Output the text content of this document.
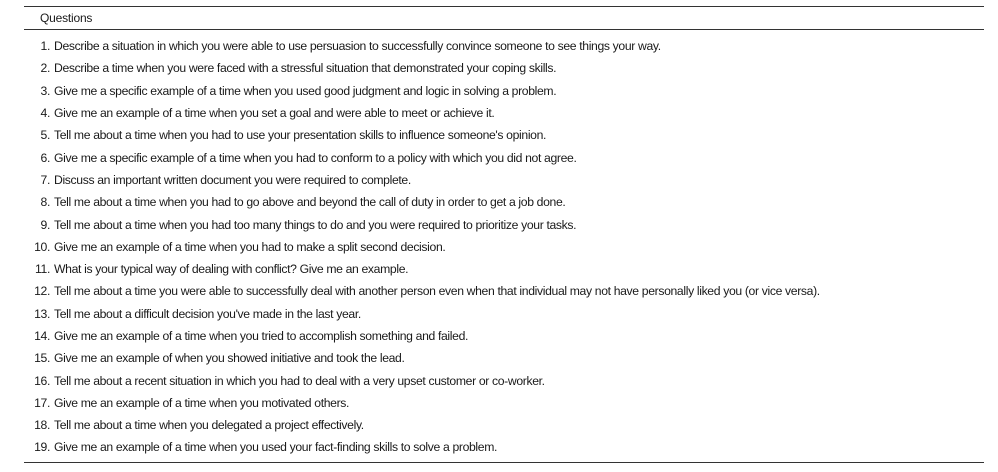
Questions
1. Describe a situation in which you were able to use persuasion to successfully convince someone to see things your way.
2. Describe a time when you were faced with a stressful situation that demonstrated your coping skills.
3. Give me a specific example of a time when you used good judgment and logic in solving a problem.
4. Give me an example of a time when you set a goal and were able to meet or achieve it.
5. Tell me about a time when you had to use your presentation skills to influence someone's opinion.
6. Give me a specific example of a time when you had to conform to a policy with which you did not agree.
7. Discuss an important written document you were required to complete.
8. Tell me about a time when you had to go above and beyond the call of duty in order to get a job done.
9. Tell me about a time when you had too many things to do and you were required to prioritize your tasks.
10. Give me an example of a time when you had to make a split second decision.
11. What is your typical way of dealing with conflict? Give me an example.
12. Tell me about a time you were able to successfully deal with another person even when that individual may not have personally liked you (or vice versa).
13. Tell me about a difficult decision you've made in the last year.
14. Give me an example of a time when you tried to accomplish something and failed.
15. Give me an example of when you showed initiative and took the lead.
16. Tell me about a recent situation in which you had to deal with a very upset customer or co-worker.
17. Give me an example of a time when you motivated others.
18. Tell me about a time when you delegated a project effectively.
19. Give me an example of a time when you used your fact-finding skills to solve a problem.
